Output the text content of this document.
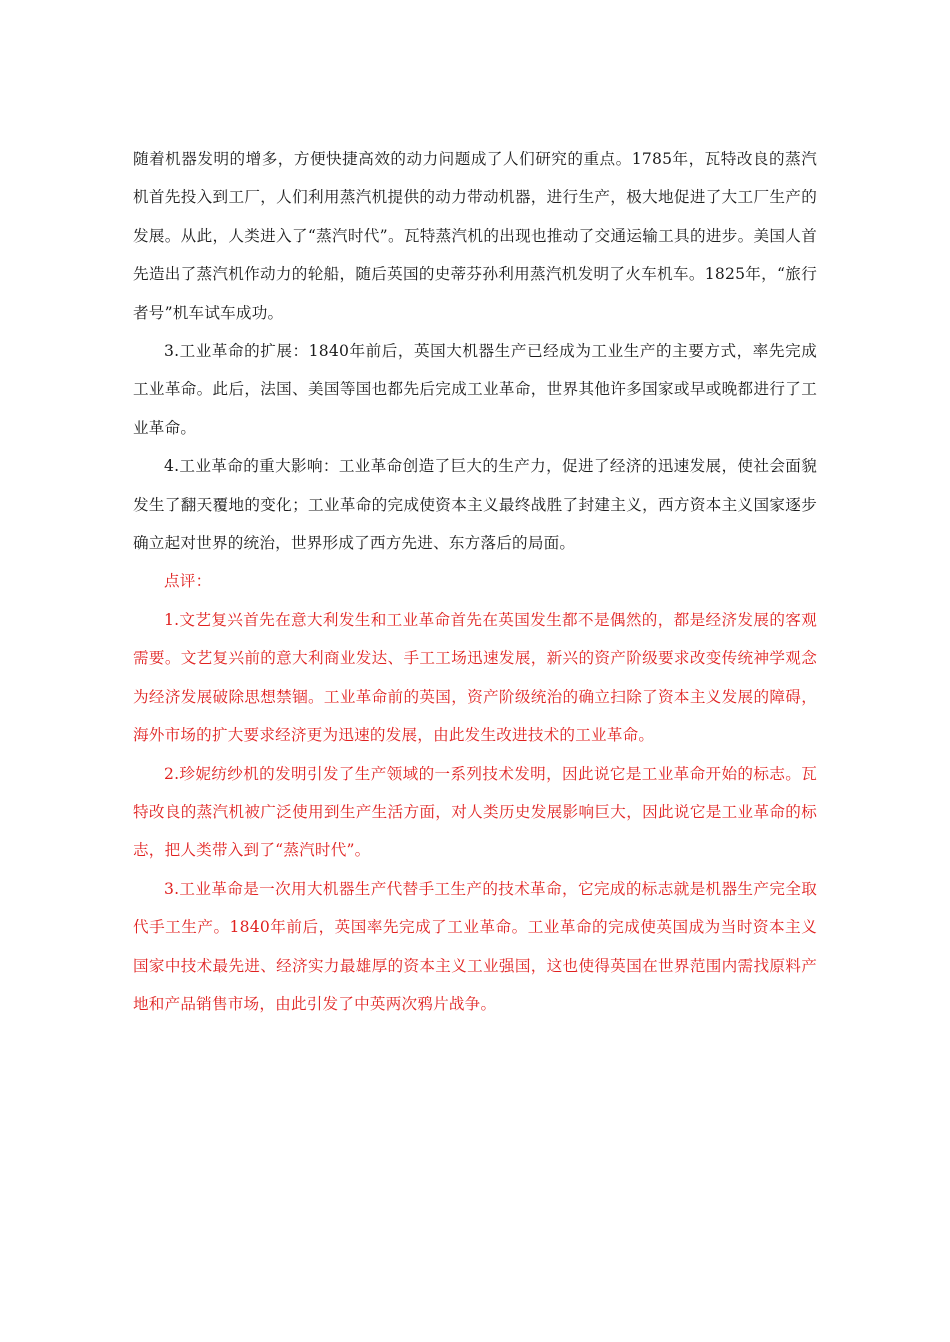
随着机器发明的增多，方便快捷高效的动力问题成了人们研究的重点。1785年，瓦特改良的蒸汽机首先投入到工厂，人们利用蒸汽机提供的动力带动机器，进行生产，极大地促进了大工厂生产的发展。从此，人类进入了“蒸汽时代”。瓦特蒸汽机的出现也推动了交通运输工具的进步。美国人首先造出了蒸汽机作动力的轮船，随后英国的史蒂芬孙利用蒸汽机发明了火车机车。1825年，“旅行者号”机车试车成功。

3.工业革命的扩展：1840年前后，英国大机器生产已经成为工业生产的主要方式，率先完成工业革命。此后，法国、美国等国也都先后完成工业革命，世界其他许多国家或早或晚都进行了工业革命。

4.工业革命的重大影响：工业革命创造了巨大的生产力，促进了经济的迅速发展，使社会面貌发生了翻天覆地的变化；工业革命的完成使资本主义最终战胜了封建主义，西方资本主义国家逐步确立起对世界的统治，世界形成了西方先进、东方落后的局面。

点评：

1.文艺复兴首先在意大利发生和工业革命首先在英国发生都不是偶然的，都是经济发展的客观需要。文艺复兴前的意大利商业发达、手工工场迅速发展，新兴的资产阶级要求改变传统神学观念为经济发展破除思想禁锢。工业革命前的英国，资产阶级统治的确立扫除了资本主义发展的障碍，海外市场的扩大要求经济更为迅速的发展，由此发生改进技术的工业革命。

2.珍妮纺纱机的发明引发了生产领域的一系列技术发明，因此说它是工业革命开始的标志。瓦特改良的蒸汽机被广泛使用到生产生活方面，对人类历史发展影响巨大，因此说它是工业革命的标志，把人类带入到了“蒸汽时代”。

3.工业革命是一次用大机器生产代替手工生产的技术革命，它完成的标志就是机器生产完全取代手工生产。1840年前后，英国率先完成了工业革命。工业革命的完成使英国成为当时资本主义国家中技术最先进、经济实力最雄厚的资本主义工业强国，这也使得英国在世界范围内需找原料产地和产品销售市场，由此引发了中英两次鸦片战争。
